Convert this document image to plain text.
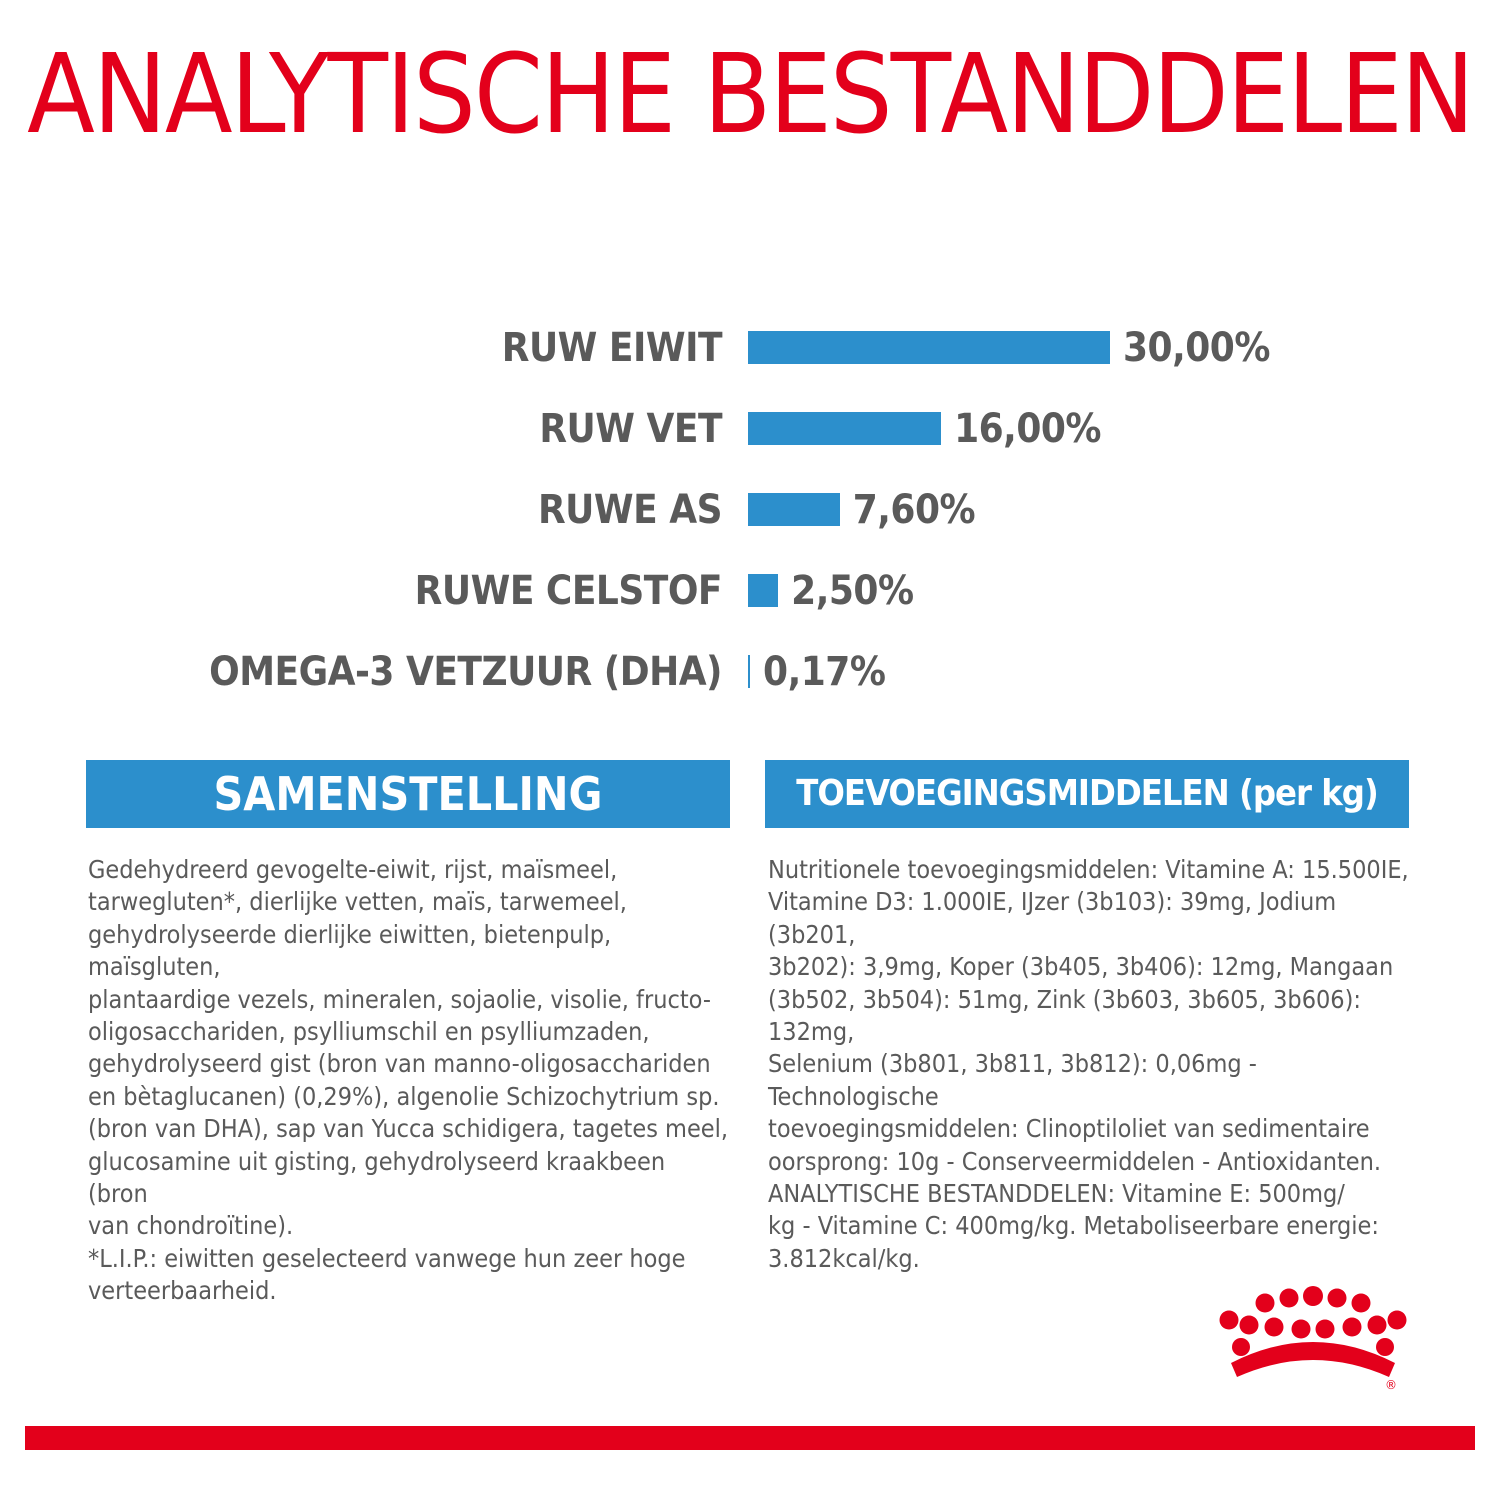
ANALYTISCHE BESTANDDELEN
RUW EIWIT	30,00%
RUW VET	16,00%
RUWE AS	7,60%
RUWE CELSTOF 2,50%
OMEGA-3 VETZUUR (DHA) 0,17%
SAMENSTELLING
Gedehydreerd gevogelte-eiwit, rijst, maïsmeel,
tarwegluten*, dierlijke vetten, maïs, tarwemeel,
gehydrolyseerde dierlijke eiwitten, bietenpulp, maïsgluten,
plantaardige vezels, mineralen, sojaolie, visolie, fructo-
oligosacchariden, psylliumschil en psylliumzaden,
gehydrolyseerd gist (bron van manno-oligosacchariden
en bètaglucanen) (0,29%), algenolie Schizochytrium sp.
(bron van DHA), sap van Yucca schidigera, tagetes meel,
glucosamine uit gisting, gehydrolyseerd kraakbeen (bron
van chondroïtine).
*L.I.P.: eiwitten geselecteerd vanwege hun zeer hoge
verteerbaarheid.
TOEVOEGINGSMIDDELEN (per kg)
Nutritionele toevoegingsmiddelen: Vitamine A: 15.500IE,
Vitamine D3: 1.000IE, IJzer (3b103): 39mg, Jodium (3b201,
3b202): 3,9mg, Koper (3b405, 3b406): 12mg, Mangaan
(3b502, 3b504): 51mg, Zink (3b603, 3b605, 3b606): 132mg,
Selenium (3b801, 3b811, 3b812): 0,06mg - Technologische
toevoegingsmiddelen: Clinoptiloliet van sedimentaire
oorsprong: 10g - Conserveermiddelen - Antioxidanten.
ANALYTISCHE BESTANDDELEN: Vitamine E: 500mg/
kg - Vitamine C: 400mg/kg. Metaboliseerbare energie:
3.812kcal/kg.
®
